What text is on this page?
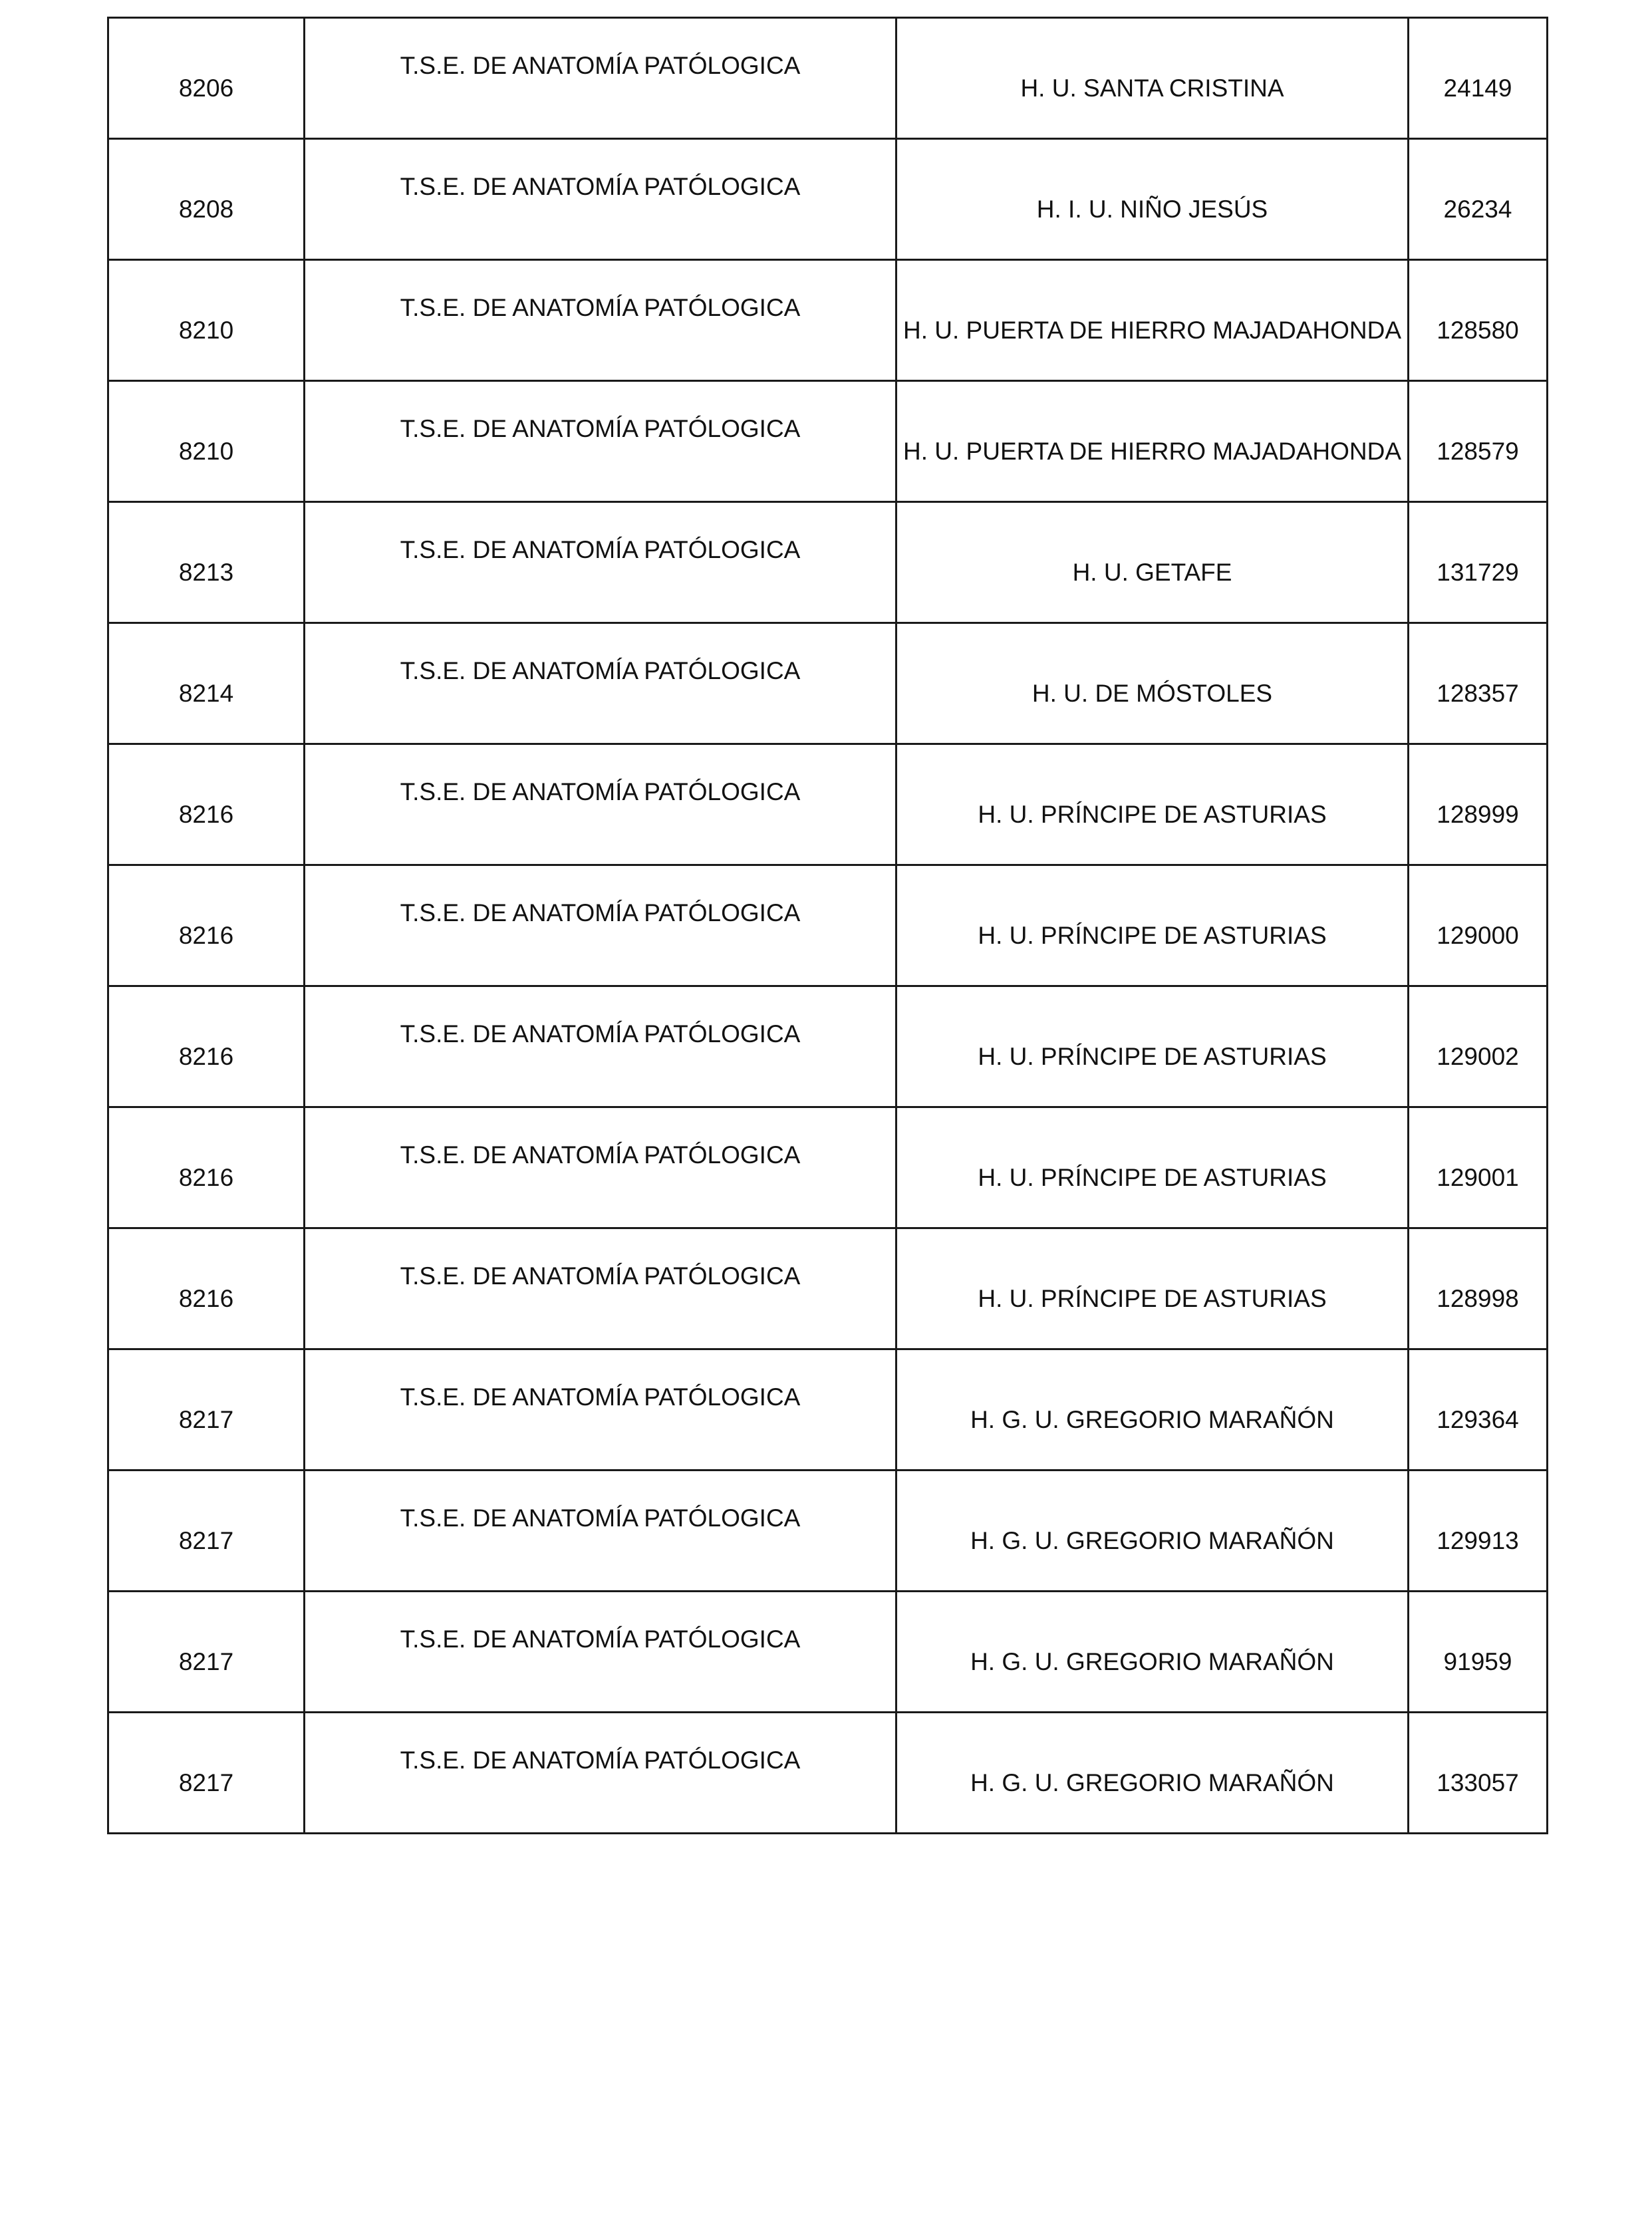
8206	T.S.E. DE ANATOMÍA PATÓLOGICA	H. U. SANTA CRISTINA	24149
8208	T.S.E. DE ANATOMÍA PATÓLOGICA	H. I. U. NIÑO JESÚS	26234
8210	T.S.E. DE ANATOMÍA PATÓLOGICA	H. U. PUERTA DE HIERRO MAJADAHONDA	128580
8210	T.S.E. DE ANATOMÍA PATÓLOGICA	H. U. PUERTA DE HIERRO MAJADAHONDA	128579
8213	T.S.E. DE ANATOMÍA PATÓLOGICA	H. U. GETAFE	131729
8214	T.S.E. DE ANATOMÍA PATÓLOGICA	H. U. DE MÓSTOLES	128357
8216	T.S.E. DE ANATOMÍA PATÓLOGICA	H. U. PRÍNCIPE DE ASTURIAS	128999
8216	T.S.E. DE ANATOMÍA PATÓLOGICA	H. U. PRÍNCIPE DE ASTURIAS	129000
8216	T.S.E. DE ANATOMÍA PATÓLOGICA	H. U. PRÍNCIPE DE ASTURIAS	129002
8216	T.S.E. DE ANATOMÍA PATÓLOGICA	H. U. PRÍNCIPE DE ASTURIAS	129001
8216	T.S.E. DE ANATOMÍA PATÓLOGICA	H. U. PRÍNCIPE DE ASTURIAS	128998
8217	T.S.E. DE ANATOMÍA PATÓLOGICA	H. G. U. GREGORIO MARAÑÓN	129364
8217	T.S.E. DE ANATOMÍA PATÓLOGICA	H. G. U. GREGORIO MARAÑÓN	129913
8217	T.S.E. DE ANATOMÍA PATÓLOGICA	H. G. U. GREGORIO MARAÑÓN	91959
8217	T.S.E. DE ANATOMÍA PATÓLOGICA	H. G. U. GREGORIO MARAÑÓN	133057
